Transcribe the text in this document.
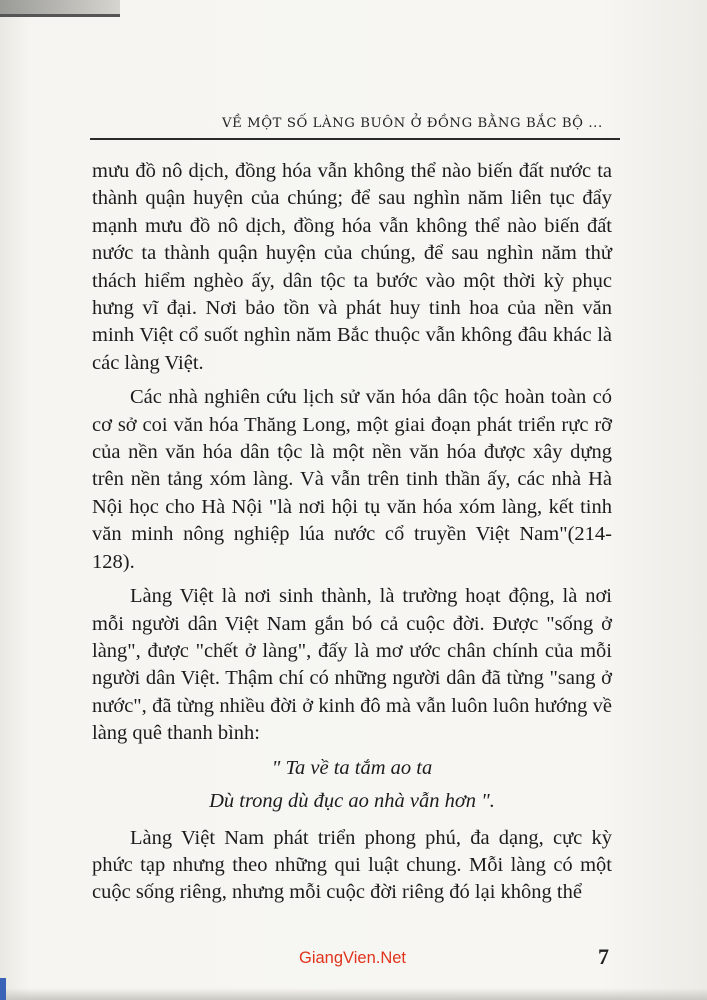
VỀ MỘT SỐ LÀNG BUÔN Ở ĐỒNG BẰNG BẮC BỘ ...

mưu đồ nô dịch, đồng hóa vẫn không thể nào biến đất nước ta thành quận huyện của chúng; để sau nghìn năm liên tục đẩy mạnh mưu đồ nô dịch, đồng hóa vẫn không thể nào biến đất nước ta thành quận huyện của chúng, để sau nghìn năm thử thách hiểm nghèo ấy, dân tộc ta bước vào một thời kỳ phục hưng vĩ đại. Nơi bảo tồn và phát huy tinh hoa của nền văn minh Việt cổ suốt nghìn năm Bắc thuộc vẫn không đâu khác là các làng Việt.

Các nhà nghiên cứu lịch sử văn hóa dân tộc hoàn toàn có cơ sở coi văn hóa Thăng Long, một giai đoạn phát triển rực rỡ của nền văn hóa dân tộc là một nền văn hóa được xây dựng trên nền tảng xóm làng. Và vẫn trên tinh thần ấy, các nhà Hà Nội học cho Hà Nội "là nơi hội tụ văn hóa xóm làng, kết tinh văn minh nông nghiệp lúa nước cổ truyền Việt Nam"(214-128).

Làng Việt là nơi sinh thành, là trường hoạt động, là nơi mỗi người dân Việt Nam gắn bó cả cuộc đời. Được "sống ở làng", được "chết ở làng", đấy là mơ ước chân chính của mỗi người dân Việt. Thậm chí có những người dân đã từng "sang ở nước", đã từng nhiều đời ở kinh đô mà vẫn luôn luôn hướng về làng quê thanh bình:

" Ta về ta tắm ao ta
Dù trong dù đục ao nhà vẫn hơn ".

Làng Việt Nam phát triển phong phú, đa dạng, cực kỳ phức tạp nhưng theo những qui luật chung. Mỗi làng có một cuộc sống riêng, nhưng mỗi cuộc đời riêng đó lại không thể

GiangVien.Net	7
